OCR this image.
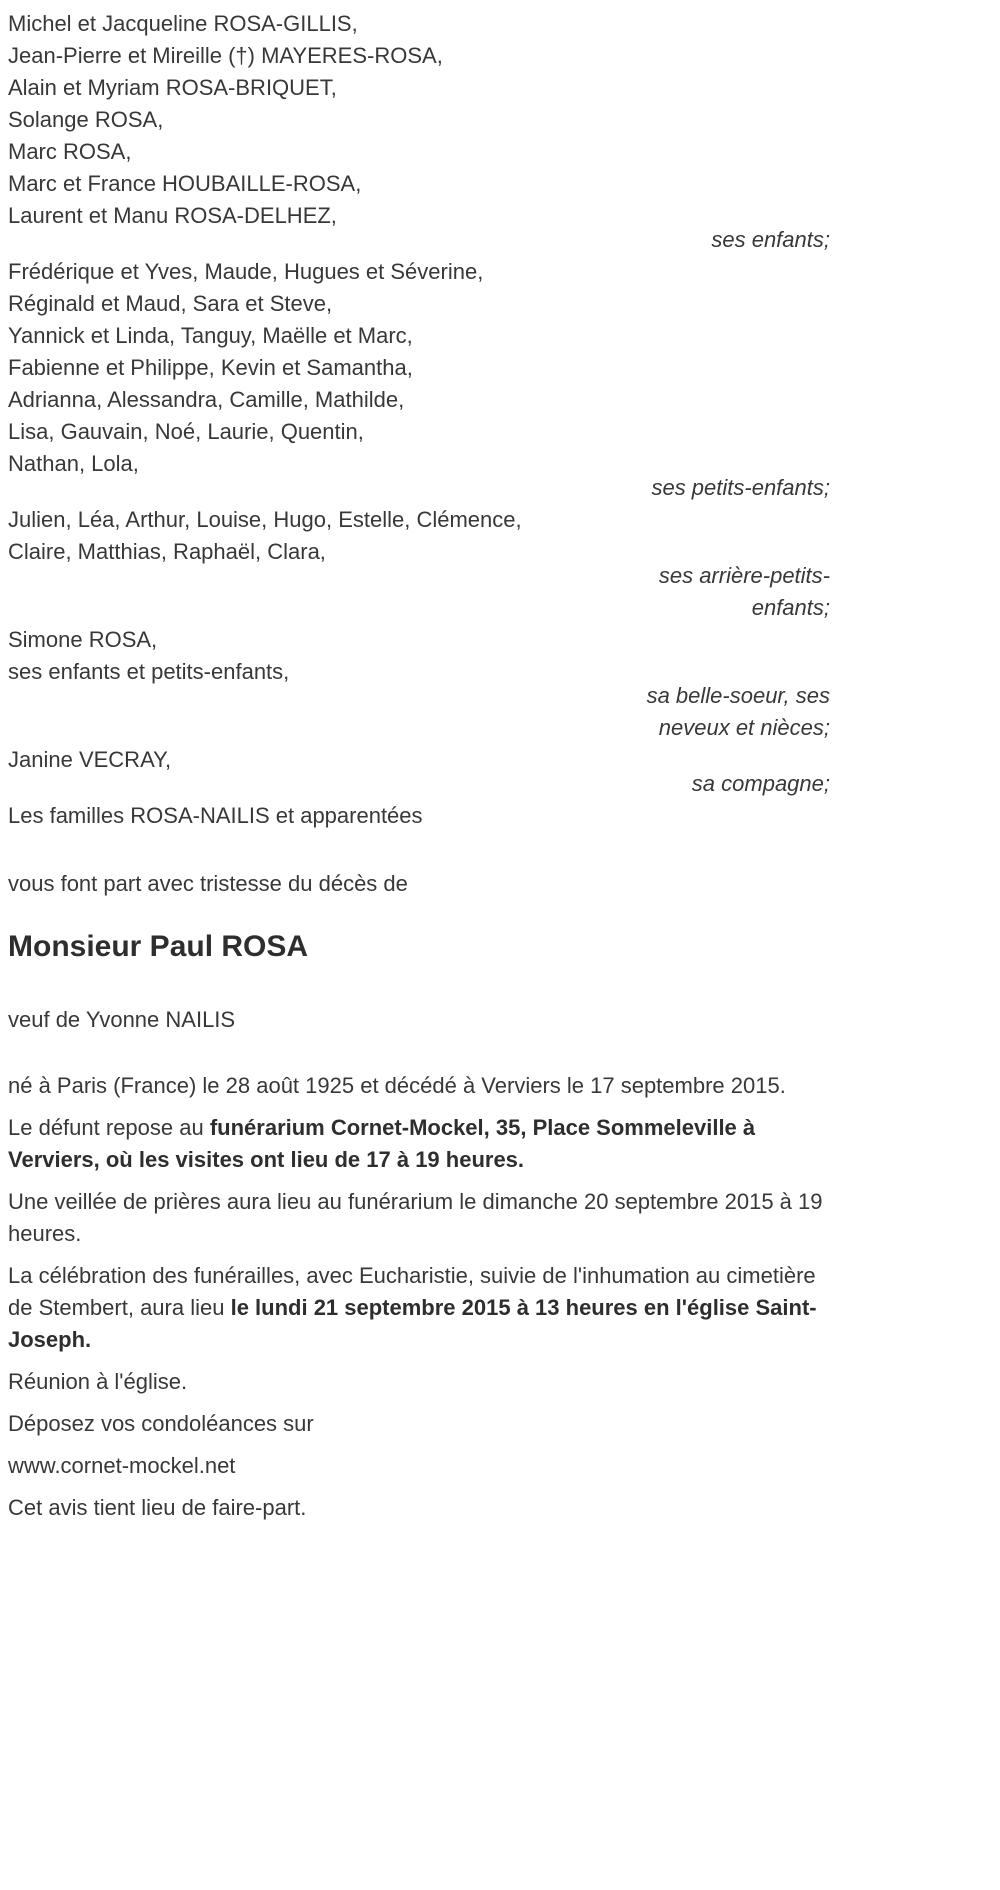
Michel et Jacqueline ROSA-GILLIS,

Jean-Pierre et Mireille (†) MAYERES-ROSA,

Alain et Myriam ROSA-BRIQUET,

Solange ROSA,

Marc ROSA,

Marc et France HOUBAILLE-ROSA,

Laurent et Manu ROSA-DELHEZ,

ses enfants;

Frédérique et Yves, Maude, Hugues et Séverine,

Réginald et Maud, Sara et Steve,

Yannick et Linda, Tanguy, Maëlle et Marc,

Fabienne et Philippe, Kevin et Samantha,

Adrianna, Alessandra, Camille, Mathilde,

Lisa, Gauvain, Noé, Laurie, Quentin,

Nathan, Lola,

ses petits-enfants;

Julien, Léa, Arthur, Louise, Hugo, Estelle, Clémence,

Claire, Matthias, Raphaël, Clara,

ses arrière-petits-enfants;

Simone ROSA,

ses enfants et petits-enfants,

sa belle-soeur, ses neveux et nièces;

Janine VECRAY,

sa compagne;

Les familles ROSA-NAILIS et apparentées

vous font part avec tristesse du décès de

Monsieur Paul ROSA

veuf de Yvonne NAILIS

né à Paris (France) le 28 août 1925 et décédé à Verviers le 17 septembre 2015.

Le défunt repose au funérarium Cornet-Mockel, 35, Place Sommeleville à Verviers, où les visites ont lieu de 17 à 19 heures.

Une veillée de prières aura lieu au funérarium le dimanche 20 septembre 2015 à 19 heures.

La célébration des funérailles, avec Eucharistie, suivie de l'inhumation au cimetière de Stembert, aura lieu le lundi 21 septembre 2015 à 13 heures en l'église Saint-Joseph.

Réunion à l'église.

Déposez vos condoléances sur

www.cornet-mockel.net

Cet avis tient lieu de faire-part.
